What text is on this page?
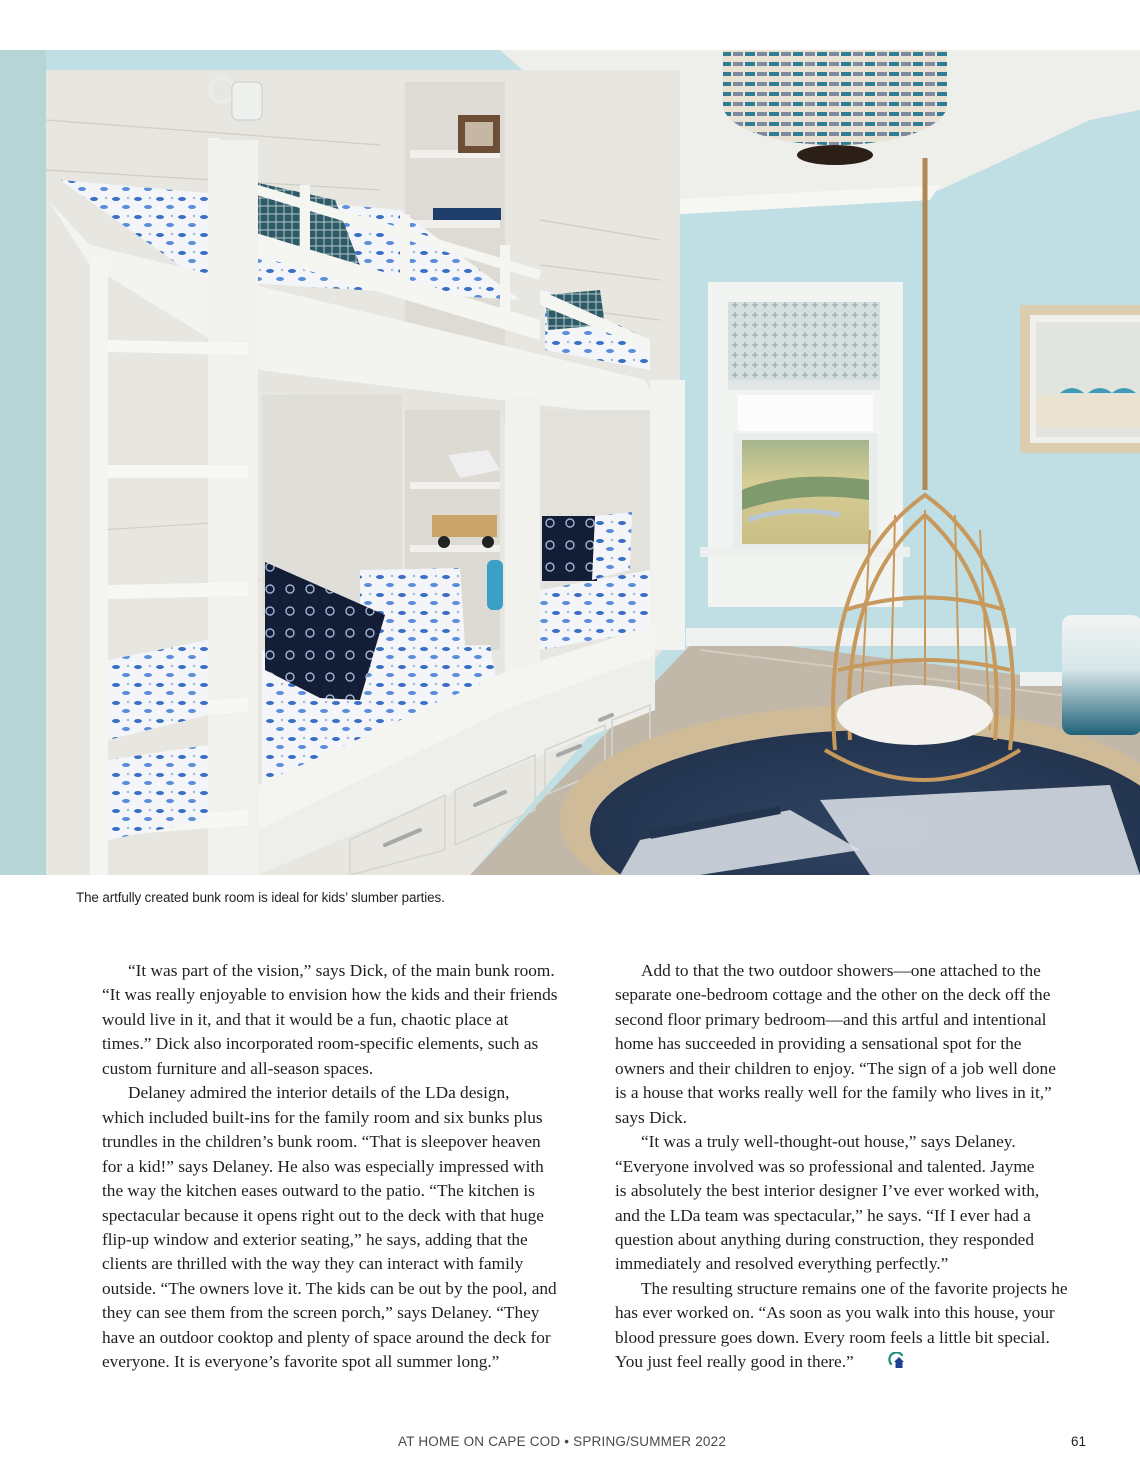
The artfully created bunk room is ideal for kids’ slumber parties.

“It was part of the vision,” says Dick, of the main bunk room.
“It was really enjoyable to envision how the kids and their friends
would live in it, and that it would be a fun, chaotic place at
times.” Dick also incorporated room-specific elements, such as
custom furniture and all-season spaces.

Delaney admired the interior details of the LDa design,
which included built-ins for the family room and six bunks plus
trundles in the children’s bunk room. “That is sleepover heaven
for a kid!” says Delaney. He also was especially impressed with
the way the kitchen eases outward to the patio. “The kitchen is
spectacular because it opens right out to the deck with that huge
flip-up window and exterior seating,” he says, adding that the
clients are thrilled with the way they can interact with family
outside. “The owners love it. The kids can be out by the pool, and
they can see them from the screen porch,” says Delaney. “They
have an outdoor cooktop and plenty of space around the deck for
everyone. It is everyone’s favorite spot all summer long.”

Add to that the two outdoor showers—one attached to the
separate one-bedroom cottage and the other on the deck off the
second floor primary bedroom—and this artful and intentional
home has succeeded in providing a sensational spot for the
owners and their children to enjoy. “The sign of a job well done
is a house that works really well for the family who lives in it,”
says Dick.

“It was a truly well-thought-out house,” says Delaney.
“Everyone involved was so professional and talented. Jayme
is absolutely the best interior designer I’ve ever worked with,
and the LDa team was spectacular,” he says. “If I ever had a
question about anything during construction, they responded
immediately and resolved everything perfectly.”

The resulting structure remains one of the favorite projects he
has ever worked on. “As soon as you walk into this house, your
blood pressure goes down. Every room feels a little bit special.
You just feel really good in there.”

AT HOME ON CAPE COD • SPRING/SUMMER 2022	61
